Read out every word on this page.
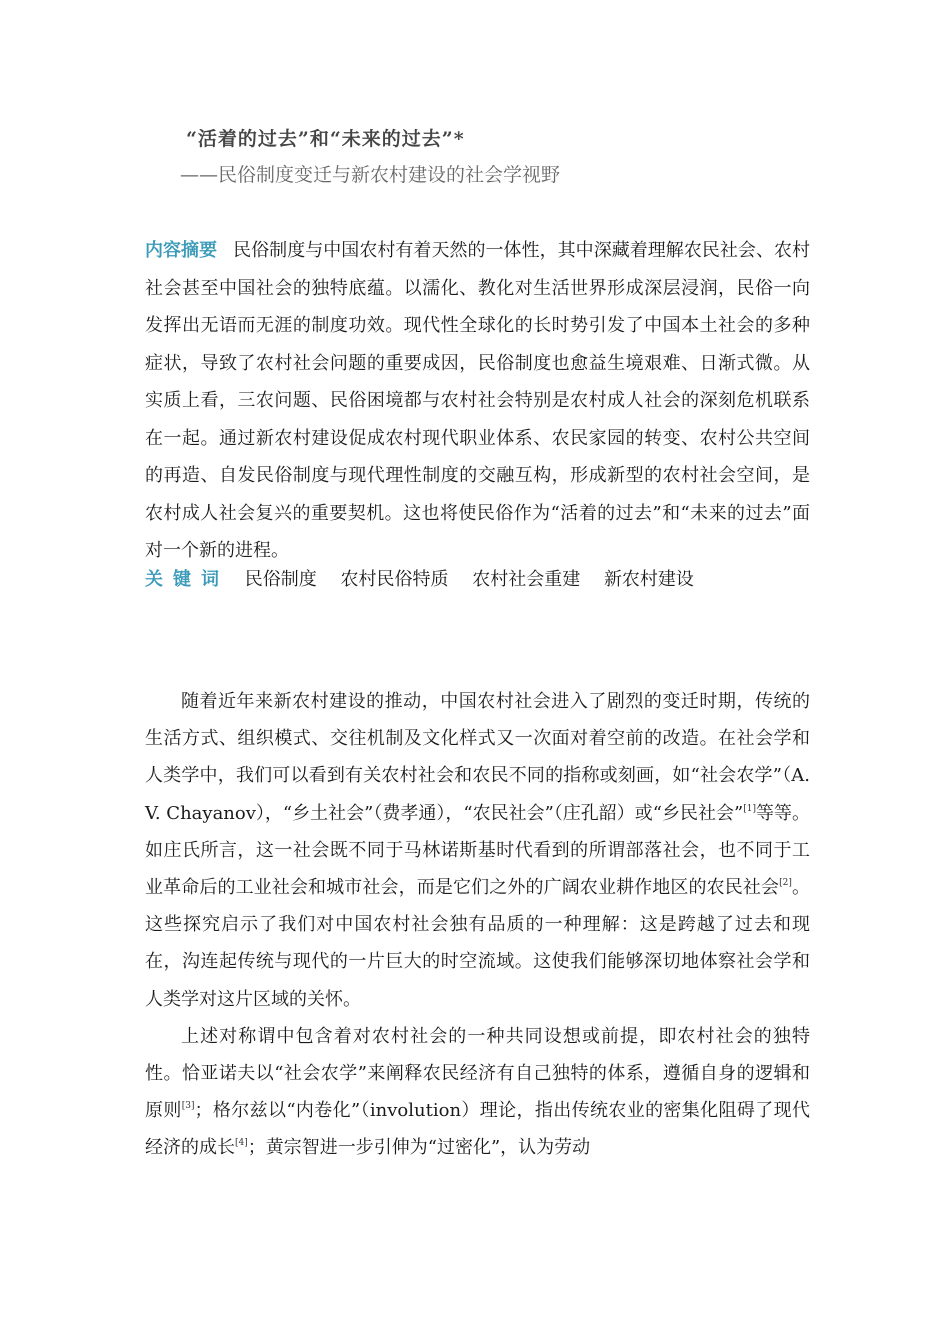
“活着的过去”和“未来的过去”*
——民俗制度变迁与新农村建设的社会学视野

内容摘要 民俗制度与中国农村有着天然的一体性，其中深藏着理解农民社会、农村社会甚至中国社会的独特底蕴。以濡化、教化对生活世界形成深层浸润，民俗一向发挥出无语而无涯的制度功效。现代性全球化的长时势引发了中国本土社会的多种症状，导致了农村社会问题的重要成因，民俗制度也愈益生境艰难、日渐式微。从实质上看，三农问题、民俗困境都与农村社会特别是农村成人社会的深刻危机联系在一起。通过新农村建设促成农村现代职业体系、农民家园的转变、农村公共空间的再造、自发民俗制度与现代理性制度的交融互构，形成新型的农村社会空间，是农村成人社会复兴的重要契机。这也将使民俗作为“活着的过去”和“未来的过去”面对一个新的进程。

关键词 民俗制度 农村民俗特质 农村社会重建 新农村建设

随着近年来新农村建设的推动，中国农村社会进入了剧烈的变迁时期，传统的生活方式、组织模式、交往机制及文化样式又一次面对着空前的改造。在社会学和人类学中，我们可以看到有关农村社会和农民不同的指称或刻画，如“社会农学”（A. V. Chayanov），“乡土社会”（费孝通），“农民社会”（庄孔韶）或“乡民社会”[1]等等。如庄氏所言，这一社会既不同于马林诺斯基时代看到的所谓部落社会，也不同于工业革命后的工业社会和城市社会，而是它们之外的广阔农业耕作地区的农民社会[2]。这些探究启示了我们对中国农村社会独有品质的一种理解：这是跨越了过去和现在，沟连起传统与现代的一片巨大的时空流域。这使我们能够深切地体察社会学和人类学对这片区域的关怀。

上述对称谓中包含着对农村社会的一种共同设想或前提，即农村社会的独特性。恰亚诺夫以“社会农学”来阐释农民经济有自己独特的体系，遵循自身的逻辑和原则[3]；格尔兹以“内卷化”（involution）理论，指出传统农业的密集化阻碍了现代经济的成长[4]；黄宗智进一步引伸为“过密化”，认为劳动
